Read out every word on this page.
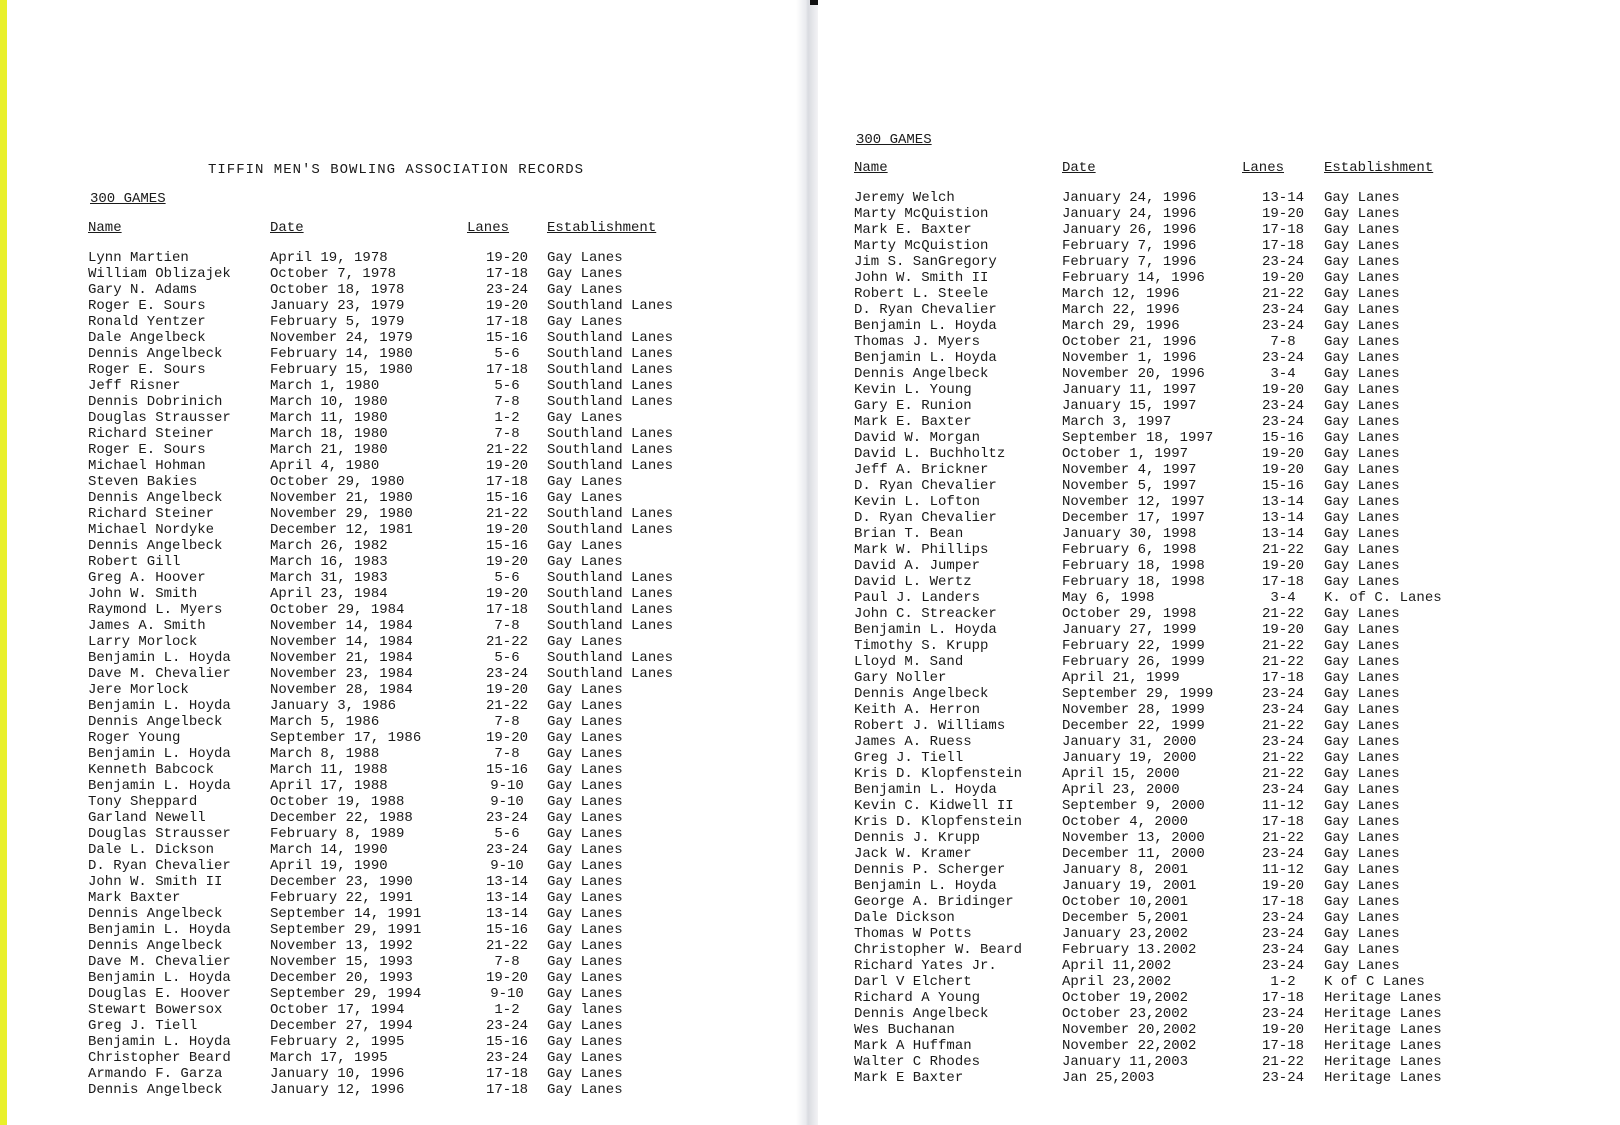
TIFFIN MEN'S BOWLING ASSOCIATION RECORDS
300 GAMES
Name	Date	Lanes	Establishment
Lynn Martien	April 19, 1978	19-20	Gay Lanes
William Oblizajek	October 7, 1978	17-18	Gay Lanes
Gary N. Adams	October 18, 1978	23-24	Gay Lanes
Roger E. Sours	January 23, 1979	19-20	Southland Lanes
Ronald Yentzer	February 5, 1979	17-18	Gay Lanes
Dale Angelbeck	November 24, 1979	15-16	Southland Lanes
Dennis Angelbeck	February 14, 1980	5-6	Southland Lanes
Roger E. Sours	February 15, 1980	17-18	Southland Lanes
Jeff Risner	March 1, 1980	5-6	Southland Lanes
Dennis Dobrinich	March 10, 1980	7-8	Southland Lanes
Douglas Strausser	March 11, 1980	1-2	Gay Lanes
Richard Steiner	March 18, 1980	7-8	Southland Lanes
Roger E. Sours	March 21, 1980	21-22	Southland Lanes
Michael Hohman	April 4, 1980	19-20	Southland Lanes
Steven Bakies	October 29, 1980	17-18	Gay Lanes
Dennis Angelbeck	November 21, 1980	15-16	Gay Lanes
Richard Steiner	November 29, 1980	21-22	Southland Lanes
Michael Nordyke	December 12, 1981	19-20	Southland Lanes
Dennis Angelbeck	March 26, 1982	15-16	Gay Lanes
Robert Gill	March 16, 1983	19-20	Gay Lanes
Greg A. Hoover	March 31, 1983	5-6	Southland Lanes
John W. Smith	April 23, 1984	19-20	Southland Lanes
Raymond L. Myers	October 29, 1984	17-18	Southland Lanes
James A. Smith	November 14, 1984	7-8	Southland Lanes
Larry Morlock	November 14, 1984	21-22	Gay Lanes
Benjamin L. Hoyda	November 21, 1984	5-6	Southland Lanes
Dave M. Chevalier	November 23, 1984	23-24	Southland Lanes
Jere Morlock	November 28, 1984	19-20	Gay Lanes
Benjamin L. Hoyda	January 3, 1986	21-22	Gay Lanes
Dennis Angelbeck	March 5, 1986	7-8	Gay Lanes
Roger Young	September 17, 1986	19-20	Gay Lanes
Benjamin L. Hoyda	March 8, 1988	7-8	Gay Lanes
Kenneth Babcock	March 11, 1988	15-16	Gay Lanes
Benjamin L. Hoyda	April 17, 1988	9-10	Gay Lanes
Tony Sheppard	October 19, 1988	9-10	Gay Lanes
Garland Newell	December 22, 1988	23-24	Gay Lanes
Douglas Strausser	February 8, 1989	5-6	Gay Lanes
Dale L. Dickson	March 14, 1990	23-24	Gay Lanes
D. Ryan Chevalier	April 19, 1990	9-10	Gay Lanes
John W. Smith II	December 23, 1990	13-14	Gay Lanes
Mark Baxter	February 22, 1991	13-14	Gay Lanes
Dennis Angelbeck	September 14, 1991	13-14	Gay Lanes
Benjamin L. Hoyda	September 29, 1991	15-16	Gay Lanes
Dennis Angelbeck	November 13, 1992	21-22	Gay Lanes
Dave M. Chevalier	November 15, 1993	7-8	Gay Lanes
Benjamin L. Hoyda	December 20, 1993	19-20	Gay Lanes
Douglas E. Hoover	September 29, 1994	9-10	Gay Lanes
Stewart Bowersox	October 17, 1994	1-2	Gay lanes
Greg J. Tiell	December 27, 1994	23-24	Gay Lanes
Benjamin L. Hoyda	February 2, 1995	15-16	Gay Lanes
Christopher Beard	March 17, 1995	23-24	Gay Lanes
Armando F. Garza	January 10, 1996	17-18	Gay Lanes
Dennis Angelbeck	January 12, 1996	17-18	Gay Lanes
300 GAMES
Name	Date	Lanes	Establishment
Jeremy Welch	January 24, 1996	13-14	Gay Lanes
Marty McQuistion	January 24, 1996	19-20	Gay Lanes
Mark E. Baxter	January 26, 1996	17-18	Gay Lanes
Marty McQuistion	February 7, 1996	17-18	Gay Lanes
Jim S. SanGregory	February 7, 1996	23-24	Gay Lanes
John W. Smith II	February 14, 1996	19-20	Gay Lanes
Robert L. Steele	March 12, 1996	21-22	Gay Lanes
D. Ryan Chevalier	March 22, 1996	23-24	Gay Lanes
Benjamin L. Hoyda	March 29, 1996	23-24	Gay Lanes
Thomas J. Myers	October 21, 1996	7-8	Gay Lanes
Benjamin L. Hoyda	November 1, 1996	23-24	Gay Lanes
Dennis Angelbeck	November 20, 1996	3-4	Gay Lanes
Kevin L. Young	January 11, 1997	19-20	Gay Lanes
Gary E. Runion	January 15, 1997	23-24	Gay Lanes
Mark E. Baxter	March 3, 1997	23-24	Gay Lanes
David W. Morgan	September 18, 1997	15-16	Gay Lanes
David L. Buchholtz	October 1, 1997	19-20	Gay Lanes
Jeff A. Brickner	November 4, 1997	19-20	Gay Lanes
D. Ryan Chevalier	November 5, 1997	15-16	Gay Lanes
Kevin L. Lofton	November 12, 1997	13-14	Gay Lanes
D. Ryan Chevalier	December 17, 1997	13-14	Gay Lanes
Brian T. Bean	January 30, 1998	13-14	Gay Lanes
Mark W. Phillips	February 6, 1998	21-22	Gay Lanes
David A. Jumper	February 18, 1998	19-20	Gay Lanes
David L. Wertz	February 18, 1998	17-18	Gay Lanes
Paul J. Landers	May 6, 1998	3-4	K. of C. Lanes
John C. Streacker	October 29, 1998	21-22	Gay Lanes
Benjamin L. Hoyda	January 27, 1999	19-20	Gay Lanes
Timothy S. Krupp	February 22, 1999	21-22	Gay Lanes
Lloyd M. Sand	February 26, 1999	21-22	Gay Lanes
Gary Noller	April 21, 1999	17-18	Gay Lanes
Dennis Angelbeck	September 29, 1999	23-24	Gay Lanes
Keith A. Herron	November 28, 1999	23-24	Gay Lanes
Robert J. Williams	December 22, 1999	21-22	Gay Lanes
James A. Ruess	January 31, 2000	23-24	Gay Lanes
Greg J. Tiell	January 19, 2000	21-22	Gay Lanes
Kris D. Klopfenstein	April 15, 2000	21-22	Gay Lanes
Benjamin L. Hoyda	April 23, 2000	23-24	Gay Lanes
Kevin C. Kidwell II	September 9, 2000	11-12	Gay Lanes
Kris D. Klopfenstein	October 4, 2000	17-18	Gay Lanes
Dennis J. Krupp	November 13, 2000	21-22	Gay Lanes
Jack W. Kramer	December 11, 2000	23-24	Gay Lanes
Dennis P. Scherger	January 8, 2001	11-12	Gay Lanes
Benjamin L. Hoyda	January 19, 2001	19-20	Gay Lanes
George A. Bridinger	October 10,2001	17-18	Gay Lanes
Dale Dickson	December 5,2001	23-24	Gay Lanes
Thomas W Potts	January 23,2002	23-24	Gay Lanes
Christopher W. Beard	February 13.2002	23-24	Gay Lanes
Richard Yates Jr.	April 11,2002	23-24	Gay Lanes
Darl V Elchert	April 23,2002	1-2	K of C Lanes
Richard A Young	October 19,2002	17-18	Heritage Lanes
Dennis Angelbeck	October 23,2002	23-24	Heritage Lanes
Wes Buchanan	November 20,2002	19-20	Heritage Lanes
Mark A Huffman	November 22,2002	17-18	Heritage Lanes
Walter C Rhodes	January 11,2003	21-22	Heritage Lanes
Mark E Baxter	Jan 25,2003	23-24	Heritage Lanes
